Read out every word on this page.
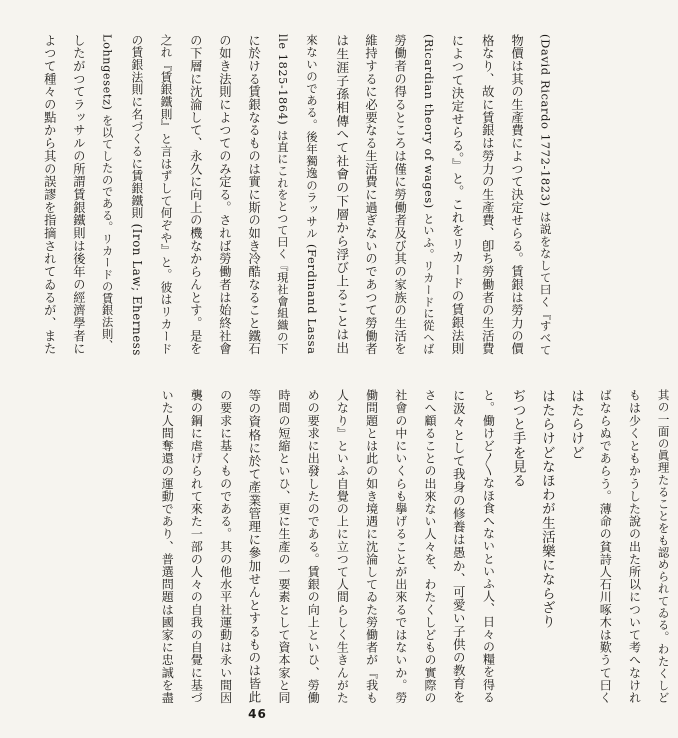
(David Ricardo 1772-1823) は説をなして曰く『すべて

物價は其の生產費によつて決定せらる。賃銀は勞力の價

格なり、故に賃銀は勞力の生產費、卽ち勞働者の生活費

によつて決定せらる。』と。これをリカードの賃銀法則

(Ricardian theory of wages) といふ。リカードに從へば

勞働者の得るところは僅に勞働者及び其の家族の生活を

維持するに必要なる生活費に過ぎないのであつて勞働者

は生涯子孫相傳へて社會の下層から浮び上ることは出

來ないのである。後年獨逸のラッサル (Ferdinand Lassa

lle 1825-1864) は直にこれをとつて曰く『現社會組織の下

に於ける賃銀なるものは實に斯の如き冷酷なること鐵石

の如き法則によつてのみ定る。されば勞働者は始終社會

の下層に沈淪して、永久に向上の機なからんとす。是を

之れ『賃銀鐵則』と言はずして何ぞや』と。彼はリカード

の賃銀法則に名づくるに賃銀鐵則 (Iron Law; Eherness

Lohngesetz) を以てしたのである。リカードの賃銀法則、

したがつてラッサルの所謂賃銀鐵則は後年の經濟學者に

よつて種々の點から其の誤謬を指摘されてゐるが、また

其の一面の眞理たることをも認められてゐる。わたくしど

もは少くともかうした說の出た所以について考へなけれ

ばならぬであらう。薄命の貧詩人石川啄木は歎うて曰く

はたらけど

はたらけどなほわが生活樂にならざり

ぢつと手を見る

と。働けど〳〵なほ食へないといふ人、日々の糧を得る

に汲々として我身の修養は愚か、可愛い子供の教育を

さへ顧ることの出來ない人々を、わたくしどもの實際の

社會の中にいくらも擧げることが出來るではないか。勞

働問題とは此の如き境遇に沈淪してゐた勞働者が『我も

人なり』といふ自覺の上に立つて人間らしく生きんがた

めの要求に出發したのである。賃銀の向上といひ、勞働

時間の短縮といひ、更に生產の一要素として資本家と同

等の資格に於て產業管理に參加せんとするものは皆此

の要求に基くものである。其の他水平社運動は永い間因

襲の鋼に虐げられて來た一部の人々の自我の自覺に基づ

いた人間奪還の運動であり、普選問題は國家に忠誠を盡

46
